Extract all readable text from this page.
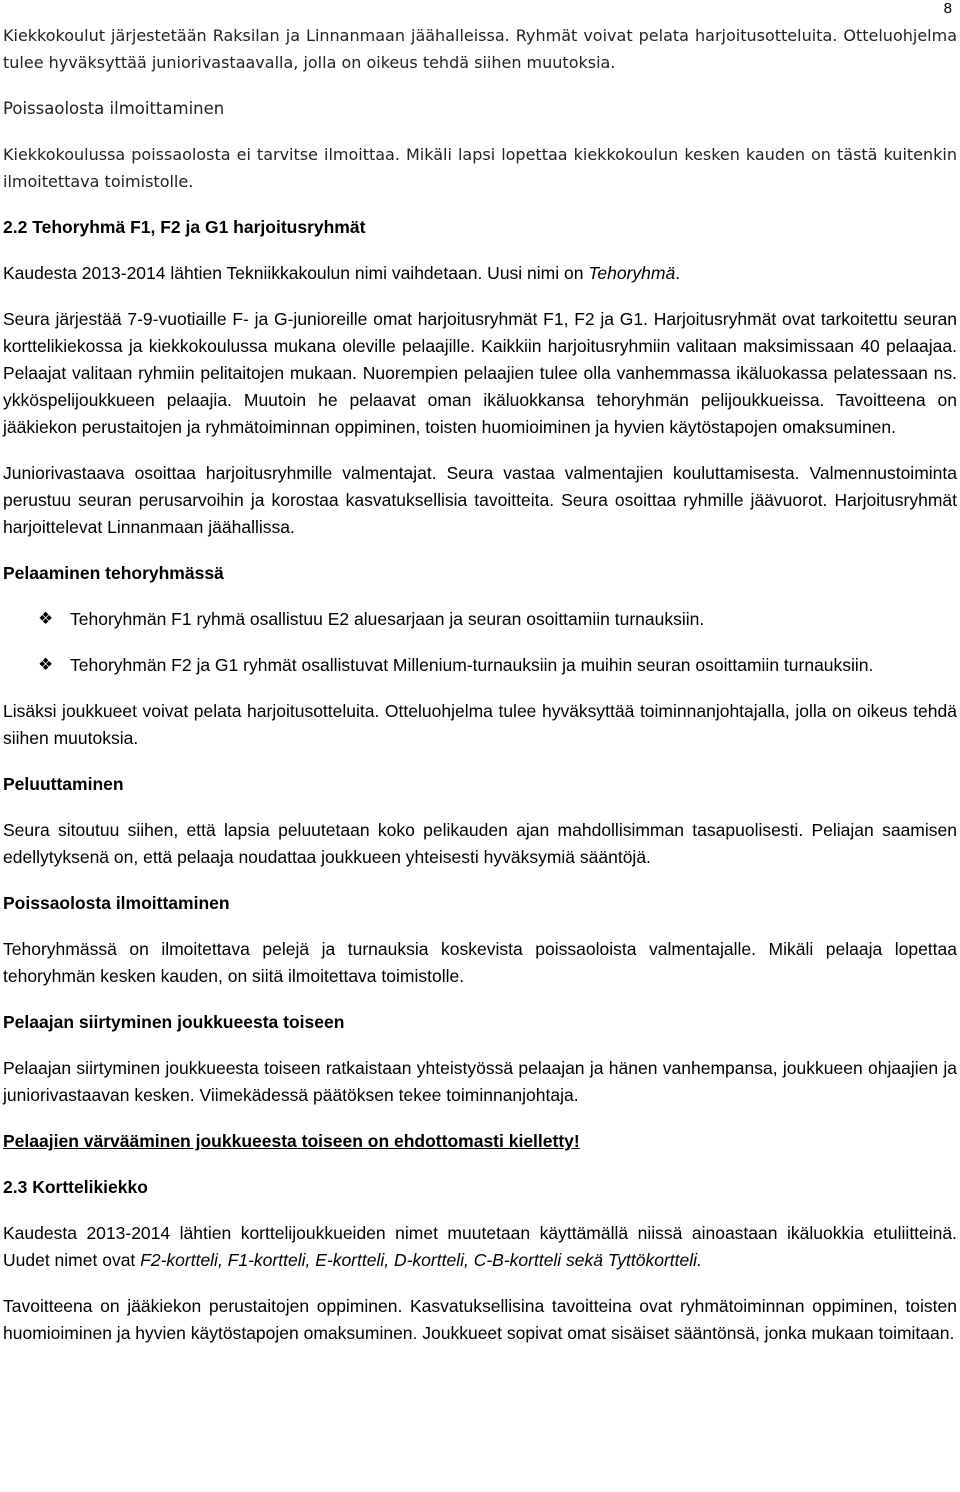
8

Kiekkokoulut järjestetään Raksilan ja Linnanmaan jäähalleissa. Ryhmät voivat pelata harjoitusotteluita. Otteluohjelma tulee hyväksyttää juniorivastaavalla, jolla on oikeus tehdä siihen muutoksia.

Poissaolosta ilmoittaminen

Kiekkokoulussa poissaolosta ei tarvitse ilmoittaa. Mikäli lapsi lopettaa kiekkokoulun kesken kauden on tästä kuitenkin ilmoitettava toimistolle.

2.2 Tehoryhmä F1, F2 ja G1 harjoitusryhmät

Kaudesta 2013-2014 lähtien Tekniikkakoulun nimi vaihdetaan. Uusi nimi on Tehoryhmä.

Seura järjestää 7-9-vuotiaille F- ja G-junioreille omat harjoitusryhmät F1, F2 ja G1. Harjoitusryhmät ovat tarkoitettu seuran korttelikiekossa ja kiekkokoulussa mukana oleville pelaajille. Kaikkiin harjoitusryhmiin valitaan maksimissaan 40 pelaajaa. Pelaajat valitaan ryhmiin pelitaitojen mukaan. Nuorempien pelaajien tulee olla vanhemmassa ikäluokassa pelatessaan ns. ykköspelijoukkueen pelaajia. Muutoin he pelaavat oman ikäluokkansa tehoryhmän pelijoukkueissa. Tavoitteena on jääkiekon perustaitojen ja ryhmätoiminnan oppiminen, toisten huomioiminen ja hyvien käytöstapojen omaksuminen.

Juniorivastaava osoittaa harjoitusryhmille valmentajat. Seura vastaa valmentajien kouluttamisesta. Valmennustoiminta perustuu seuran perusarvoihin ja korostaa kasvatuksellisia tavoitteita. Seura osoittaa ryhmille jäävuorot. Harjoitusryhmät harjoittelevat Linnanmaan jäähallissa.

Pelaaminen tehoryhmässä
❖ Tehoryhmän F1 ryhmä osallistuu E2 aluesarjaan ja seuran osoittamiin turnauksiin.
❖ Tehoryhmän F2 ja G1 ryhmät osallistuvat Millenium-turnauksiin ja muihin seuran osoittamiin turnauksiin.

Lisäksi joukkueet voivat pelata harjoitusotteluita. Otteluohjelma tulee hyväksyttää toiminnanjohtajalla, jolla on oikeus tehdä siihen muutoksia.

Peluuttaminen

Seura sitoutuu siihen, että lapsia peluutetaan koko pelikauden ajan mahdollisimman tasapuolisesti. Peliajan saamisen edellytyksenä on, että pelaaja noudattaa joukkueen yhteisesti hyväksymiä sääntöjä.

Poissaolosta ilmoittaminen

Tehoryhmässä on ilmoitettava pelejä ja turnauksia koskevista poissaoloista valmentajalle. Mikäli pelaaja lopettaa tehoryhmän kesken kauden, on siitä ilmoitettava toimistolle.

Pelaajan siirtyminen joukkueesta toiseen

Pelaajan siirtyminen joukkueesta toiseen ratkaistaan yhteistyössä pelaajan ja hänen vanhempansa, joukkueen ohjaajien ja juniorivastaavan kesken. Viimekädessä päätöksen tekee toiminnanjohtaja.

Pelaajien värvääminen joukkueesta toiseen on ehdottomasti kielletty!

2.3 Korttelikiekko

Kaudesta 2013-2014 lähtien korttelijoukkueiden nimet muutetaan käyttämällä niissä ainoastaan ikäluokkia etuliitteinä. Uudet nimet ovat F2-kortteli, F1-kortteli, E-kortteli, D-kortteli, C-B-kortteli sekä Tyttökortteli.

Tavoitteena on jääkiekon perustaitojen oppiminen. Kasvatuksellisina tavoitteina ovat ryhmätoiminnan oppiminen, toisten huomioiminen ja hyvien käytöstapojen omaksuminen. Joukkueet sopivat omat sisäiset sääntönsä, jonka mukaan toimitaan.
